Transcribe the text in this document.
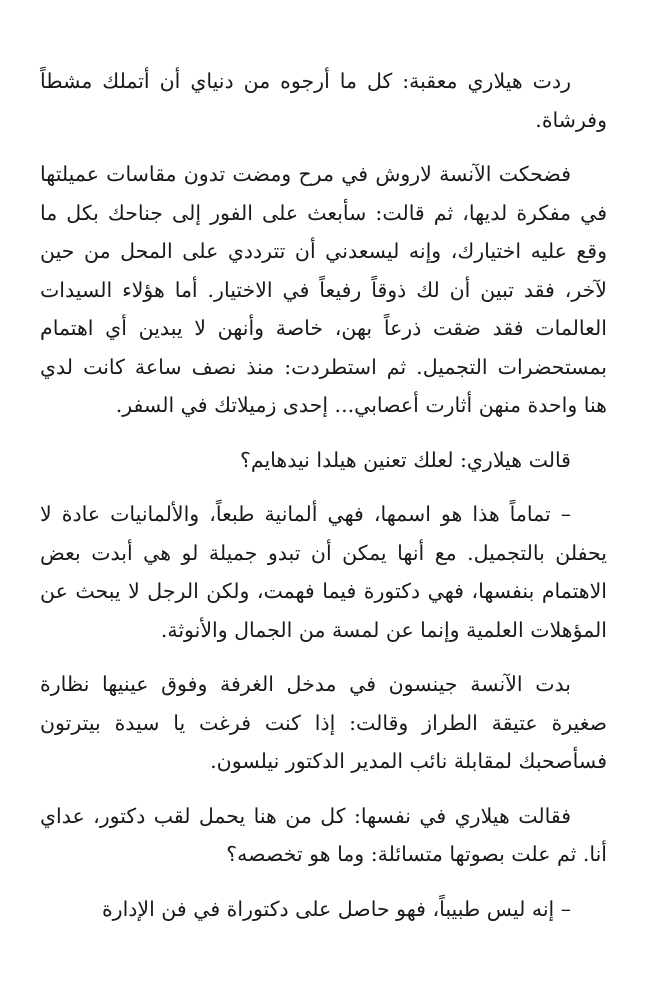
ردت هيلاري معقبة: كل ما أرجوه من دنياي أن أتملك مشطاً وفرشاة.

فضحكت الآنسة لاروش في مرح ومضت تدون مقاسات عميلتها في مفكرة لديها، ثم قالت: سأبعث على الفور إلى جناحك بكل ما وقع عليه اختيارك، وإنه ليسعدني أن تترددي على المحل من حين لآخر، فقد تبين أن لك ذوقاً رفيعاً في الاختيار. أما هؤلاء السيدات العالمات فقد ضقت ذرعاً بهن، خاصة وأنهن لا يبدين أي اهتمام بمستحضرات التجميل. ثم استطردت: منذ نصف ساعة كانت لدي هنا واحدة منهن أثارت أعصابي... إحدى زميلاتك في السفر.

قالت هيلاري: لعلك تعنين هيلدا نيدهايم؟

– تماماً هذا هو اسمها، فهي ألمانية طبعاً، والألمانيات عادة لا يحفلن بالتجميل. مع أنها يمكن أن تبدو جميلة لو هي أبدت بعض الاهتمام بنفسها، فهي دكتورة فيما فهمت، ولكن الرجل لا يبحث عن المؤهلات العلمية وإنما عن لمسة من الجمال والأنوثة.

بدت الآنسة جينسون في مدخل الغرفة وفوق عينيها نظارة صغيرة عتيقة الطراز وقالت: إذا كنت فرغت يا سيدة بيترتون فسأصحبك لمقابلة نائب المدير الدكتور نيلسون.

فقالت هيلاري في نفسها: كل من هنا يحمل لقب دكتور، عداي أنا. ثم علت بصوتها متسائلة: وما هو تخصصه؟

– إنه ليس طبيباً، فهو حاصل على دكتوراة في فن الإدارة
